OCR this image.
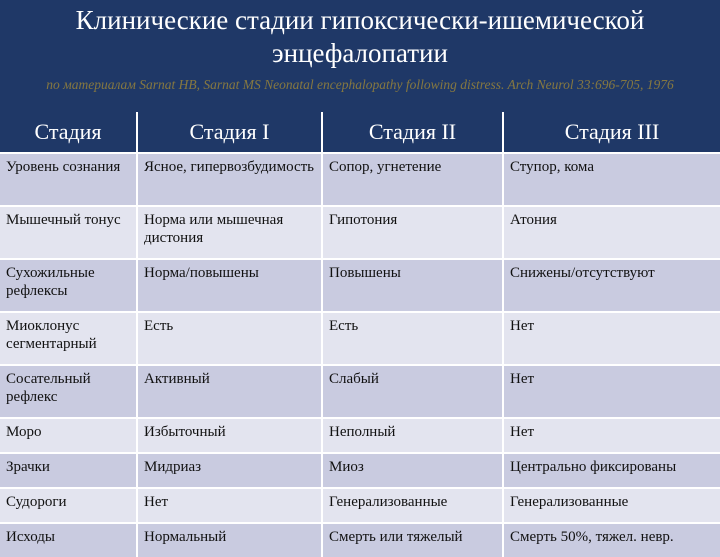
Клинические стадии гипоксически-ишемической энцефалопатии
по материалам Sarnat HB, Sarnat MS Neonatal encephalopathy following distress. Arch Neurol 33:696-705, 1976
Стадия	Стадия I	Стадия II	Стадия III
Уровень сознания	Ясное, гипервозбудимость	Сопор, угнетение	Ступор, кома
Мышечный тонус	Норма или мышечная дистония	Гипотония	Атония
Сухожильные рефлексы	Норма/повышены	Повышены	Снижены/отсутствуют
Миоклонус сегментарный	Есть	Есть	Нет
Сосательный рефлекс	Активный	Слабый	Нет
Моро	Избыточный	Неполный	Нет
Зрачки	Мидриаз	Миоз	Центрально фиксированы
Судороги	Нет	Генерализованные	Генерализованные
Исходы	Нормальный	Смерть или тяжелый	Смерть 50%, тяжел. невр.
